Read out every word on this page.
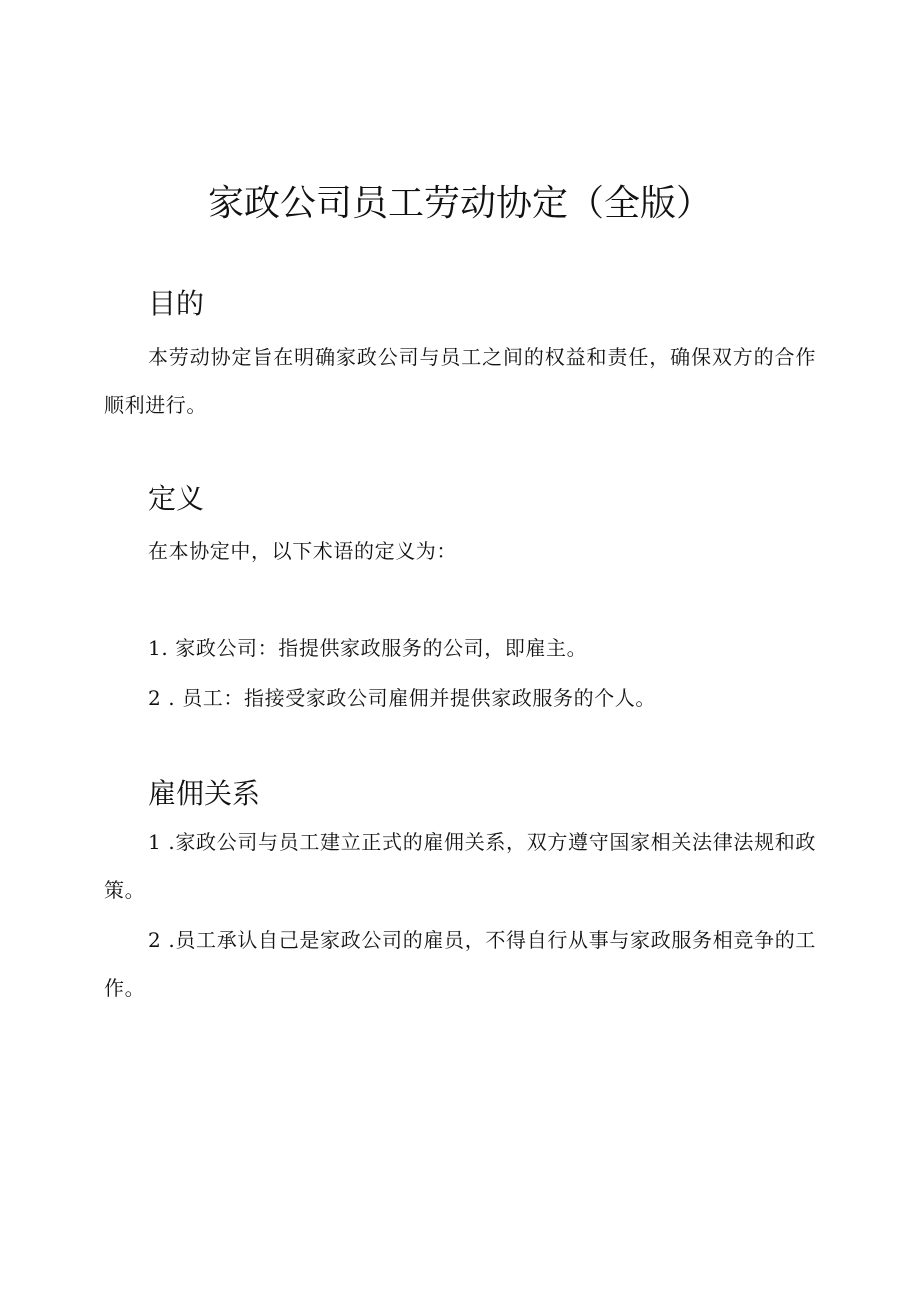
家政公司员工劳动协定（全版）
目的
本劳动协定旨在明确家政公司与员工之间的权益和责任，确保双方的合作顺利进行。
定义
在本协定中，以下术语的定义为：
1. 家政公司：指提供家政服务的公司，即雇主。
2 . 员工：指接受家政公司雇佣并提供家政服务的个人。
雇佣关系
1 .家政公司与员工建立正式的雇佣关系，双方遵守国家相关法律法规和政策。
2 .员工承认自己是家政公司的雇员，不得自行从事与家政服务相竞争的工作。
